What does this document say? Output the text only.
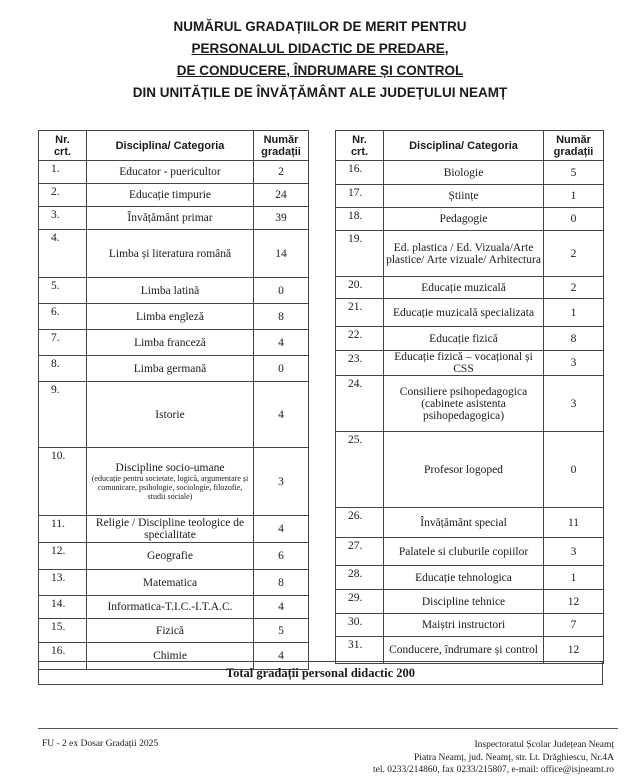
NUMĂRUL GRADAȚIILOR DE MERIT PENTRU
PERSONALUL DIDACTIC DE PREDARE,
DE CONDUCERE, ÎNDRUMARE ȘI CONTROL
DIN UNITĂȚILE DE ÎNVĂȚĂMÂNT ALE JUDEȚULUI NEAMȚ
Nr.
crt.	Disciplina/ Categoria	Număr
gradații
1.	Educator - puericultor	2
2.	Educație timpurie	24
3.	Învățământ primar	39
4.	Limba și literatura română	14
5.	Limba latină	0
6.	Limba engleză	8
7.	Limba franceză	4
8.	Limba germană	0
9.	Istorie	4
10.	Discipline socio-umane
(educație pentru societate, logică, argumentare și comunicare, psihologie, sociologie, filozofie, studii sociale)	3
11.	Religie / Discipline teologice de specialitate	4
12.	Geografie	6
13.	Matematica	8
14.	Informatica-T.I.C.-I.T.A.C.	4
15.	Fizică	5
16.	Chimie	4
Nr.
crt.	Disciplina/ Categoria	Număr
gradații
16.	Biologie	5
17.	Științe	1
18.	Pedagogie	0
19.	Ed. plastica / Ed. Vizuala/Arte plastice/ Arte vizuale/ Arhitectura	2
20.	Educație muzicală	2
21.	Educație muzicală specializata	1
22.	Educație fizică	8
23.	Educație fizică – vocațional și CSS	3
24.	Consiliere psihopedagogica (cabinete asistenta psihopedagogica)	3
25.	Profesor logoped	0
26.	Învățământ special	11
27.	Palatele si cluburile copiilor	3
28.	Educație tehnologica	1
29.	Discipline tehnice	12
30.	Maiștri instructori	7
31.	Conducere, îndrumare și control	12
Total gradații personal didactic 200
FU - 2 ex Dosar Gradații 2025	Inspectoratul Școlar Județean Neamț
Piatra Neamț, jud. Neamț, str. Lt. Drăghiescu, Nr.4A
tel. 0233/214860, fax 0233/215807, e-mail: office@isjneamt.ro
